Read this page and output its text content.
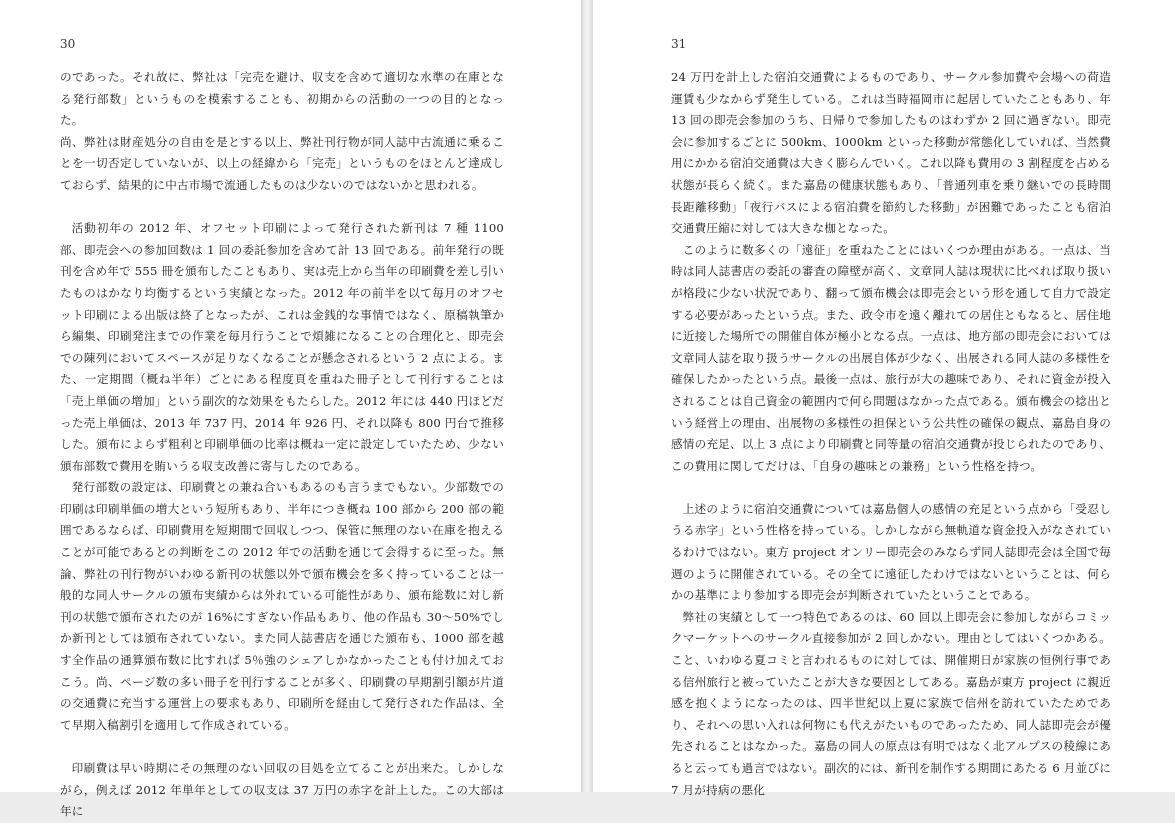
30

のであった。それ故に、弊社は「完売を避け、収支を含めて適切な水準の在庫となる発行部数」というものを模索することも、初期からの活動の一つの目的となった。

尚、弊社は財産処分の自由を是とする以上、弊社刊行物が同人誌中古流通に乗ることを一切否定していないが、以上の経緯から「完売」というものをほとんど達成しておらず、結果的に中古市場で流通したものは少ないのではないかと思われる。

活動初年の 2012 年、オフセット印刷によって発行された新刊は 7 種 1100 部、即売会への参加回数は 1 回の委託参加を含めて計 13 回である。前年発行の既刊を含め年で 555 冊を頒布したこともあり、実は売上から当年の印刷費を差し引いたものはかなり均衡するという実績となった。2012 年の前半を以て毎月のオフセット印刷による出版は終了となったが、これは金銭的な事情ではなく、原稿執筆から編集、印刷発注までの作業を毎月行うことで煩雑になることの合理化と、即売会での陳列においてスペースが足りなくなることが懸念されるという 2 点による。また、一定期間（概ね半年）ごとにある程度頁を重ねた冊子として刊行することは「売上単価の増加」という副次的な効果をもたらした。2012 年には 440 円ほどだった売上単価は、2013 年 737 円、2014 年 926 円、それ以降も 800 円台で推移した。頒布によらず粗利と印刷単価の比率は概ね一定に設定していたため、少ない頒布部数で費用を賄いうる収支改善に寄与したのである。

発行部数の設定は、印刷費との兼ね合いもあるのも言うまでもない。少部数での印刷は印刷単価の増大という短所もあり、半年につき概ね 100 部から 200 部の範囲であるならば、印刷費用を短期間で回収しつつ、保管に無理のない在庫を抱えることが可能であるとの判断をこの 2012 年での活動を通じて会得するに至った。無論、弊社の刊行物がいわゆる新刊の状態以外で頒布機会を多く持っていることは一般的な同人サークルの頒布実績からは外れている可能性があり、頒布総数に対し新刊の状態で頒布されたのが 16%にすぎない作品もあり、他の作品も 30～50%でしか新刊としては頒布されていない。また同人誌書店を通じた頒布も、1000 部を越す全作品の通算頒布数に比すれば 5％強のシェアしかなかったことも付け加えておこう。尚、ページ数の多い冊子を刊行することが多く、印刷費の早期割引額が片道の交通費に充当する運営上の要求もあり、印刷所を経由して発行された作品は、全て早期入稿割引を適用して作成されている。

印刷費は早い時期にその無理のない回収の目処を立てることが出来た。しかしながら，例えば 2012 年単年としての収支は 37 万円の赤字を計上した。この大部は年に

31

24 万円を計上した宿泊交通費によるものであり、サークル参加費や会場への荷造運賃も少なからず発生している。これは当時福岡市に起居していたこともあり、年 13 回の即売会参加のうち、日帰りで参加したものはわずか 2 回に過ぎない。即売会に参加するごとに 500km、1000km といった移動が常態化していれば、当然費用にかかる宿泊交通費は大きく膨らんでいく。これ以降も費用の 3 割程度を占める状態が長らく続く。また嘉島の健康状態もあり、「普通列車を乗り継いでの長時間長距離移動」「夜行バスによる宿泊費を節約した移動」が困難であったことも宿泊交通費圧縮に対しては大きな枷となった。

このように数多くの「遠征」を重ねたことにはいくつか理由がある。一点は、当時は同人誌書店の委託の審査の障壁が高く、文章同人誌は現状に比べれば取り扱いが格段に少ない状況であり、翻って頒布機会は即売会という形を通して自力で設定する必要があったという点。また、政令市を遠く離れての居住ともなると、居住地に近接した場所での開催自体が極小となる点。一点は、地方部の即売会においては文章同人誌を取り扱うサークルの出展自体が少なく、出展される同人誌の多様性を確保したかったという点。最後一点は、旅行が大の趣味であり、それに資金が投入されることは自己資金の範囲内で何ら問題はなかった点である。頒布機会の捻出という経営上の理由、出展物の多様性の担保という公共性の確保の観点、嘉島自身の感情の充足、以上 3 点により印刷費と同等量の宿泊交通費が投じられたのであり、この費用に関してだけは、「自身の趣味との兼務」という性格を持つ。

上述のように宿泊交通費については嘉島個人の感情の充足という点から「受忍しうる赤字」という性格を持っている。しかしながら無軌道な資金投入がなされているわけではない。東方 project オンリー即売会のみならず同人誌即売会は全国で毎週のように開催されている。その全てに遠征したわけではないということは、何らかの基準により参加する即売会が判断されていたということである。

弊社の実績として一つ特色であるのは、60 回以上即売会に参加しながらコミックマーケットへのサークル直接参加が 2 回しかない。理由としてはいくつかある。こと、いわゆる夏コミと言われるものに対しては、開催期日が家族の恒例行事である信州旅行と被っていたことが大きな要因としてある。嘉島が東方 project に親近感を抱くようになったのは、四半世紀以上夏に家族で信州を訪れていたためであり、それへの思い入れは何物にも代えがたいものであったため、同人誌即売会が優先されることはなかった。嘉島の同人の原点は有明ではなく北アルプスの稜線にあると云っても過言ではない。副次的には、新刊を制作する期間にあたる 6 月並びに 7 月が持病の悪化
